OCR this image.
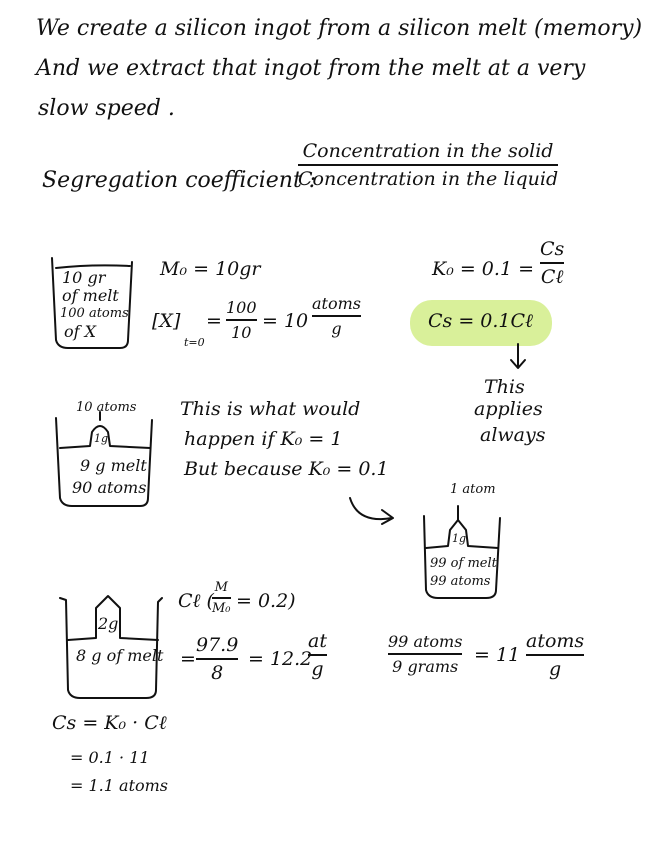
We create a silicon ingot from a silicon melt (memory)
And we extract that ingot from the melt at a very
slow speed .
Segregation coefficient :
Concentration in the solid
Concentration in the liquid
10 gr
of melt
100 atoms
of X
M₀ = 10gr
[X]
t=0
=
100
10
= 10
atoms
g
K₀ = 0.1 =
Cs
Cℓ
Cs = 0.1Cℓ
This
applies
always
10 atoms
1g
9 g melt
90 atoms
This is what would
happen if K₀ = 1
But because K₀ = 0.1
1 atom
1g
99 of melt
99 atoms
2g
8 g of melt
Cℓ (
M
M₀ = 0.2)
=
97.9
8
= 12.2
at
g
99 atoms
9 grams
= 11
atoms
g
Cs = K₀ · Cℓ
= 0.1 · 11
= 1.1 atoms
